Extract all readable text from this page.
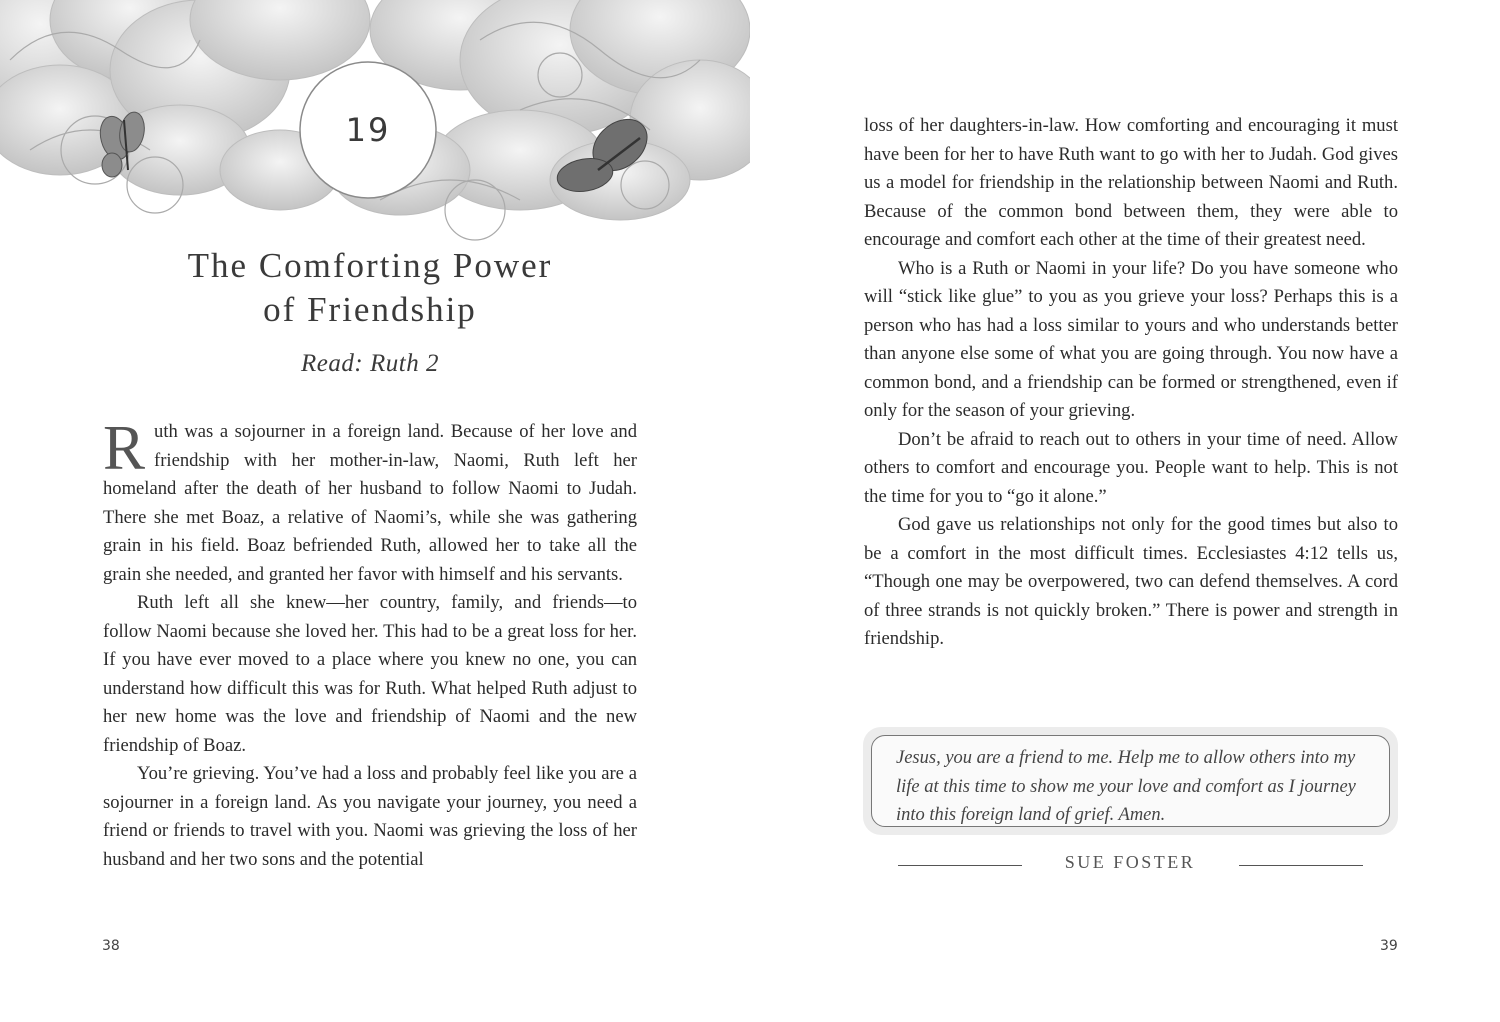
19
The Comforting Power
of Friendship
Read: Ruth 2

Ruth was a sojourner in a foreign land. Because of her love and friendship with her mother-in-law, Naomi, Ruth left her homeland after the death of her husband to follow Naomi to Judah. There she met Boaz, a relative of Naomi’s, while she was gathering grain in his field. Boaz befriended Ruth, allowed her to take all the grain she needed, and granted her favor with himself and his servants.

Ruth left all she knew—her country, family, and friends—to follow Naomi because she loved her. This had to be a great loss for her. If you have ever moved to a place where you knew no one, you can understand how difficult this was for Ruth. What helped Ruth adjust to her new home was the love and friendship of Naomi and the new friendship of Boaz.

You’re grieving. You’ve had a loss and probably feel like you are a sojourner in a foreign land. As you navigate your journey, you need a friend or friends to travel with you. Naomi was grieving the loss of her husband and her two sons and the potential

38

loss of her daughters-in-law. How comforting and encouraging it must have been for her to have Ruth want to go with her to Judah. God gives us a model for friendship in the relationship between Naomi and Ruth. Because of the common bond between them, they were able to encourage and comfort each other at the time of their greatest need.

Who is a Ruth or Naomi in your life? Do you have someone who will “stick like glue” to you as you grieve your loss? Perhaps this is a person who has had a loss similar to yours and who understands better than anyone else some of what you are going through. You now have a common bond, and a friendship can be formed or strengthened, even if only for the season of your grieving.

Don’t be afraid to reach out to others in your time of need. Allow others to comfort and encourage you. People want to help. This is not the time for you to “go it alone.”

God gave us relationships not only for the good times but also to be a comfort in the most difficult times. Ecclesiastes 4:12 tells us, “Though one may be overpowered, two can defend themselves. A cord of three strands is not quickly broken.” There is power and strength in friendship.

Jesus, you are a friend to me. Help me to allow others into my life at this time to show me your love and comfort as I journey into this foreign land of grief. Amen.

SUE FOSTER
39
